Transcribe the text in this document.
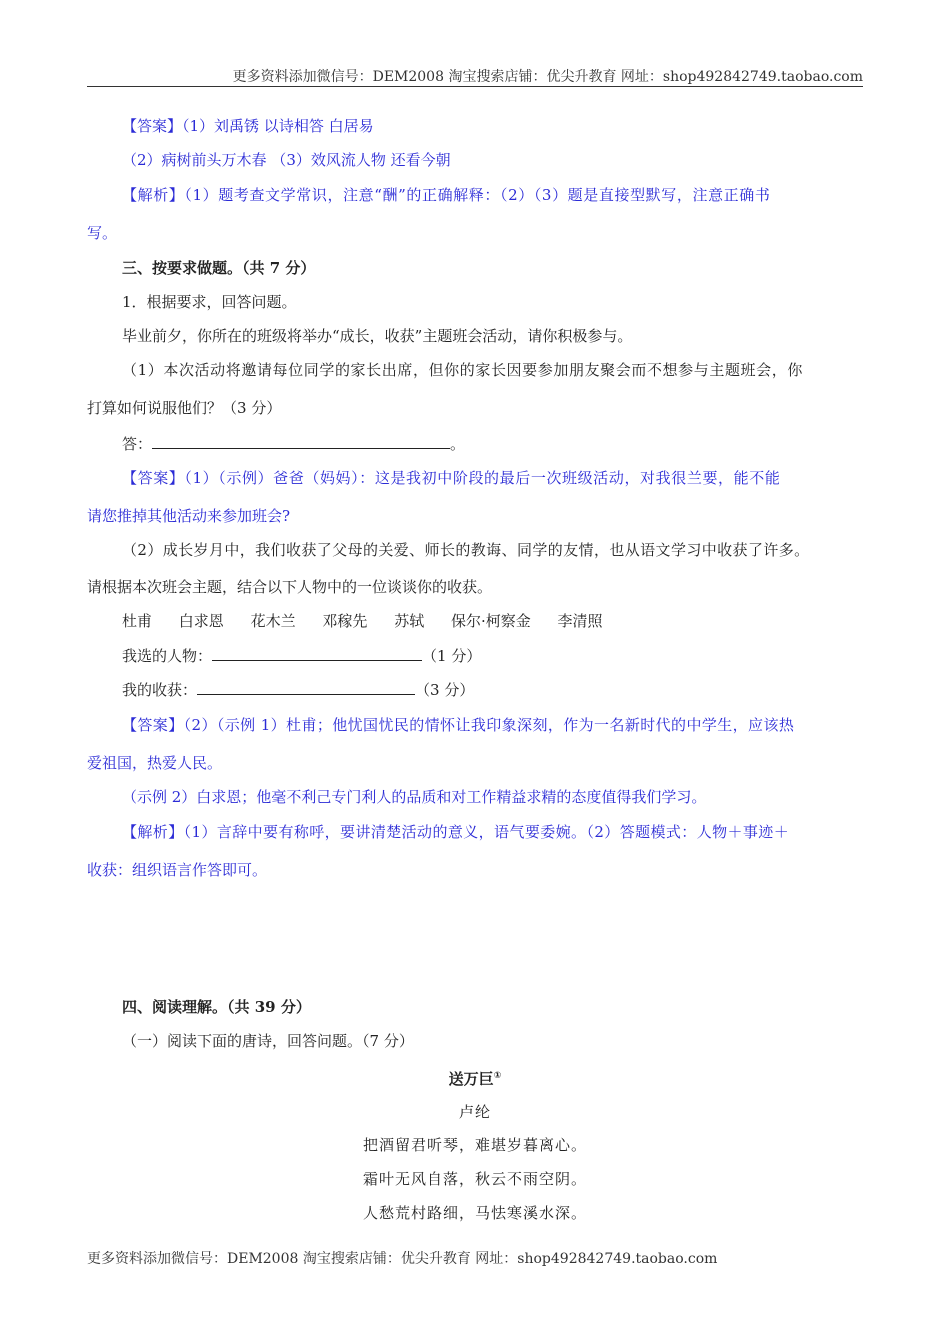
更多资料添加微信号：DEM2008 淘宝搜索店铺：优尖升教育 网址：shop492842749.taobao.com
【答案】（1）刘禹锈 以诗相答 白居易
（2）病树前头万木春 （3）效风流人物 还看今朝
【解析】（1）题考查文学常识，注意“酬”的正确解释：（2）（3）题是直接型默写，注意正确书
写。
三、按要求做题。（共 7 分）
1．根据要求，回答问题。
毕业前夕，你所在的班级将举办“成长，收获”主题班会活动，请你积极参与。
（1）本次活动将邀请每位同学的家长出席，但你的家长因要参加朋友聚会而不想参与主题班会，你
打算如何说服他们？（3 分）
答：	。
【答案】（1）（示例）爸爸（妈妈）：这是我初中阶段的最后一次班级活动，对我很兰要，能不能
请您推掉其他活动来参加班会?
（2）成长岁月中，我们收获了父母的关爱、师长的教诲、同学的友情，也从语文学习中收获了许多。
请根据本次班会主题，结合以下人物中的一位谈谈你的收获。
杜甫 白求恩 花木兰 邓稼先 苏轼 保尔·柯察金 李清照
我选的人物：	（1 分）
我的收获：	（3 分）
【答案】（2）（示例 1）杜甫；他忧国忧民的情怀让我印象深刻，作为一名新时代的中学生，应该热
爱祖国，热爱人民。
（示例 2）白求恩；他毫不利己专门利人的品质和对工作精益求精的态度值得我们学习。
【解析】（1）言辞中要有称呼，要讲清楚活动的意义，语气要委婉。（2）答题模式：人物＋事迹＋
收获：组织语言作答即可。
四、阅读理解。（共 39 分）
（一）阅读下面的唐诗，回答问题。（7 分）
送万巨①
卢纶
把酒留君听琴，难堪岁暮离心。
霜叶无风自落，秋云不雨空阴。
人愁荒村路细，马怯寒溪水深。
更多资料添加微信号：DEM2008 淘宝搜索店铺：优尖升教育 网址：shop492842749.taobao.com
